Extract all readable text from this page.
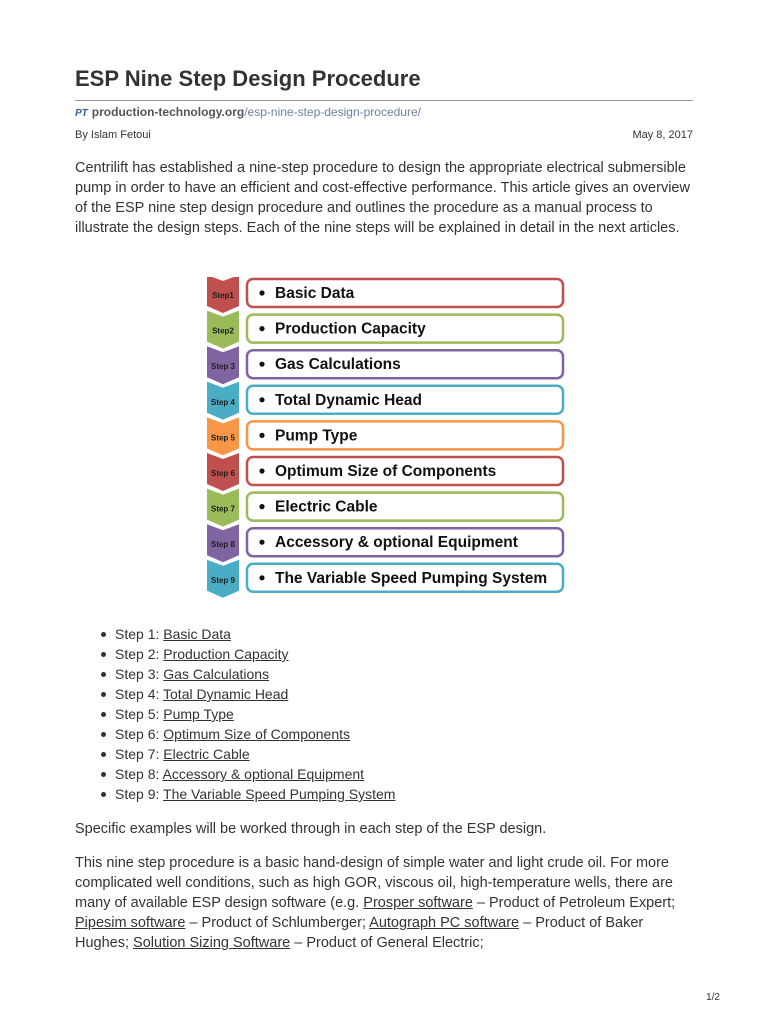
ESP Nine Step Design Procedure
PT production-technology.org/esp-nine-step-design-procedure/
By Islam Fetoui	May 8, 2017

Centrilift has established a nine-step procedure to design the appropriate electrical submersible pump in order to have an efficient and cost-effective performance. This article gives an overview of the ESP nine step design procedure and outlines the procedure as a manual process to illustrate the design steps. Each of the nine steps will be explained in detail in the next articles.

Step1	Basic Data
Step2	Production Capacity
Step 3	Gas Calculations
Step 4	Total Dynamic Head
Step 5	Pump Type
Step 6	Optimum Size of Components
Step 7	Electric Cable
Step 8	Accessory & optional Equipment
Step 9	The Variable Speed Pumping System
Step 1: Basic Data
Step 2: Production Capacity
Step 3: Gas Calculations
Step 4: Total Dynamic Head
Step 5: Pump Type
Step 6: Optimum Size of Components
Step 7: Electric Cable
Step 8: Accessory & optional Equipment
Step 9: The Variable Speed Pumping System

Specific examples will be worked through in each step of the ESP design.

This nine step procedure is a basic hand-design of simple water and light crude oil. For more complicated well conditions, such as high GOR, viscous oil, high-temperature wells, there are many of available ESP design software (e.g. Prosper software – Product of Petroleum Expert; Pipesim software – Product of Schlumberger; Autograph PC software – Product of Baker Hughes; Solution Sizing Software – Product of General Electric;

1/2
